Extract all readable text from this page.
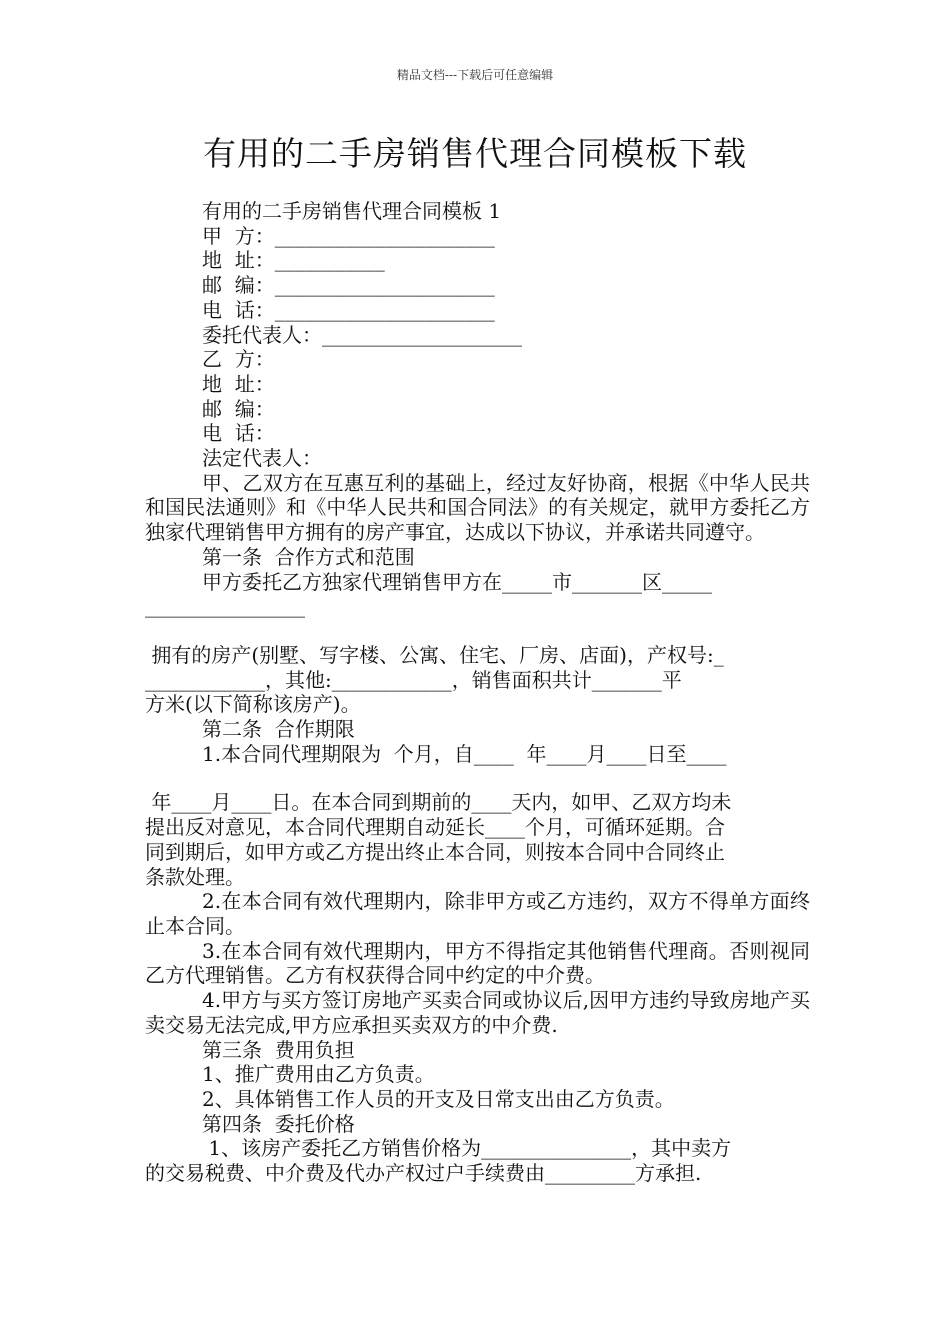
精品文档---下载后可任意编辑
有用的二手房销售代理合同模板下载
有用的二手房销售代理合同模板 1
甲  方：______________________
地  址：___________
邮  编：______________________
电  话：______________________
委托代表人：____________________
乙  方：
地  址：
邮  编：
电  话：
法定代表人：
甲、乙双方在互惠互利的基础上，经过友好协商，根据《中华人民共和国民法通则》和《中华人民共和国合同法》的有关规定，就甲方委托乙方独家代理销售甲方拥有的房产事宜，达成以下协议，并承诺共同遵守。
第一条  合作方式和范围
甲方委托乙方独家代理销售甲方在_____市_______区_____
________________
拥有的房产(别墅、写字楼、公寓、住宅、厂房、店面)，产权号:_
____________，其他:____________，销售面积共计_______平
方米(以下简称该房产)。
第二条  合作期限
1.本合同代理期限为  个月，自____  年____月____日至____
年____月____日。在本合同到期前的____天内，如甲、乙双方均未
提出反对意见，本合同代理期自动延长____个月，可循环延期。合
同到期后，如甲方或乙方提出终止本合同，则按本合同中合同终止
条款处理。
2.在本合同有效代理期内，除非甲方或乙方违约，双方不得单方面终止本合同。
3.在本合同有效代理期内，甲方不得指定其他销售代理商。否则视同乙方代理销售。乙方有权获得合同中约定的中介费。
4.甲方与买方签订房地产买卖合同或协议后,因甲方违约导致房地产买卖交易无法完成,甲方应承担买卖双方的中介费.
第三条  费用负担
1、推广费用由乙方负责。
2、具体销售工作人员的开支及日常支出由乙方负责。
第四条  委托价格
1、该房产委托乙方销售价格为_______________，其中卖方
的交易税费、中介费及代办产权过户手续费由_________方承担.
